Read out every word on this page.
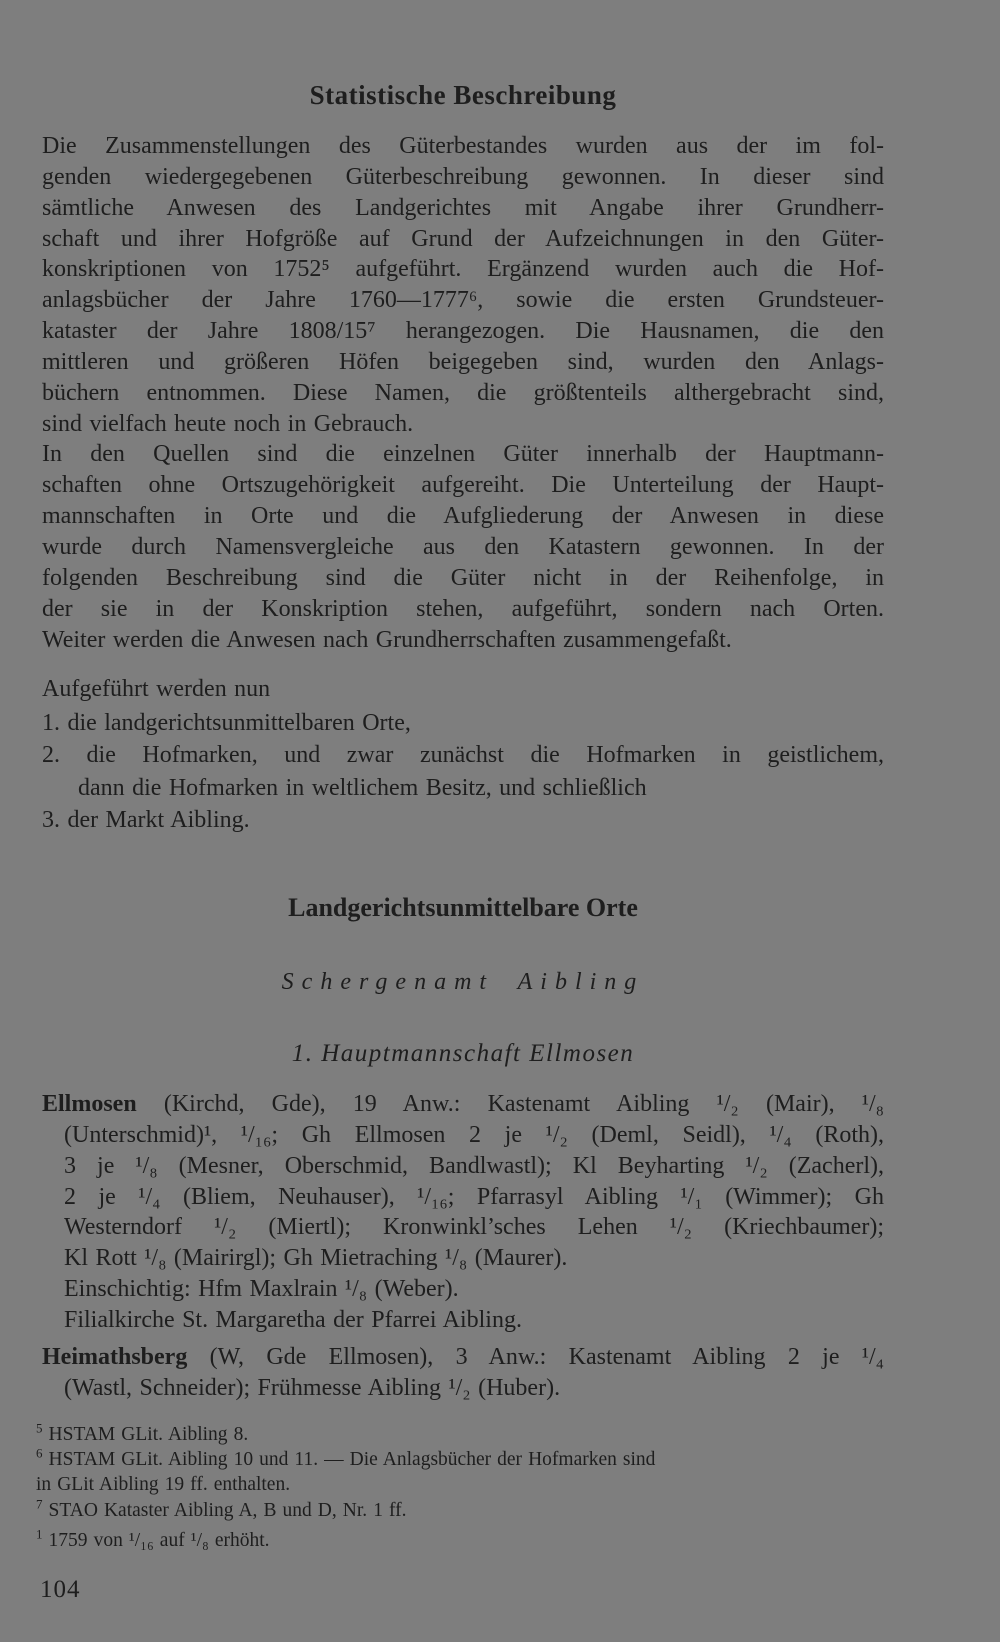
Statistische Beschreibung
Die Zusammenstellungen des Güterbestandes wurden aus der im fol-
genden wiedergegebenen Güterbeschreibung gewonnen. In dieser sind
sämtliche Anwesen des Landgerichtes mit Angabe ihrer Grundherr-
schaft und ihrer Hofgröße auf Grund der Aufzeichnungen in den Güter-
konskriptionen von 1752⁵ aufgeführt. Ergänzend wurden auch die Hof-
anlagsbücher der Jahre 1760—1777⁶, sowie die ersten Grundsteuer-
kataster der Jahre 1808/15⁷ herangezogen. Die Hausnamen, die den
mittleren und größeren Höfen beigegeben sind, wurden den Anlags-
büchern entnommen. Diese Namen, die größtenteils althergebracht sind,
sind vielfach heute noch in Gebrauch.
In den Quellen sind die einzelnen Güter innerhalb der Hauptmann-
schaften ohne Ortszugehörigkeit aufgereiht. Die Unterteilung der Haupt-
mannschaften in Orte und die Aufgliederung der Anwesen in diese
wurde durch Namensvergleiche aus den Katastern gewonnen. In der
folgenden Beschreibung sind die Güter nicht in der Reihenfolge, in
der sie in der Konskription stehen, aufgeführt, sondern nach Orten.
Weiter werden die Anwesen nach Grundherrschaften zusammengefaßt.
Aufgeführt werden nun
1. die landgerichtsunmittelbaren Orte,
2. die Hofmarken, und zwar zunächst die Hofmarken in geistlichem,
dann die Hofmarken in weltlichem Besitz, und schließlich
3. der Markt Aibling.
Landgerichtsunmittelbare Orte
Schergenamt Aibling
1. Hauptmannschaft Ellmosen
Ellmosen (Kirchd, Gde), 19 Anw.: Kastenamt Aibling ¹/₂ (Mair), ¹/₈
(Unterschmid)¹, ¹/₁₆; Gh Ellmosen 2 je ¹/₂ (Deml, Seidl), ¹/₄ (Roth),
3 je ¹/₈ (Mesner, Oberschmid, Bandlwastl); Kl Beyharting ¹/₂ (Zacherl),
2 je ¹/₄ (Bliem, Neuhauser), ¹/₁₆; Pfarrasyl Aibling ¹/₁ (Wimmer); Gh
Westerndorf ¹/₂ (Miertl); Kronwinkl’sches Lehen ¹/₂ (Kriechbaumer);
Kl Rott ¹/₈ (Mairirgl); Gh Mietraching ¹/₈ (Maurer).
Einschichtig: Hfm Maxlrain ¹/₈ (Weber).
Filialkirche St. Margaretha der Pfarrei Aibling.
Heimathsberg (W, Gde Ellmosen), 3 Anw.: Kastenamt Aibling 2 je ¹/₄
(Wastl, Schneider); Frühmesse Aibling ¹/₂ (Huber).
$^5$ HSTAM GLit. Aibling 8.
$^6$ HSTAM GLit. Aibling 10 und 11. — Die Anlagsbücher der Hofmarken sind
in GLit Aibling 19 ff. enthalten.
$^7$ STAO Kataster Aibling A, B und D, Nr. 1 ff.
$^1$ 1759 von ¹/₁₆ auf ¹/₈ erhöht.
104
